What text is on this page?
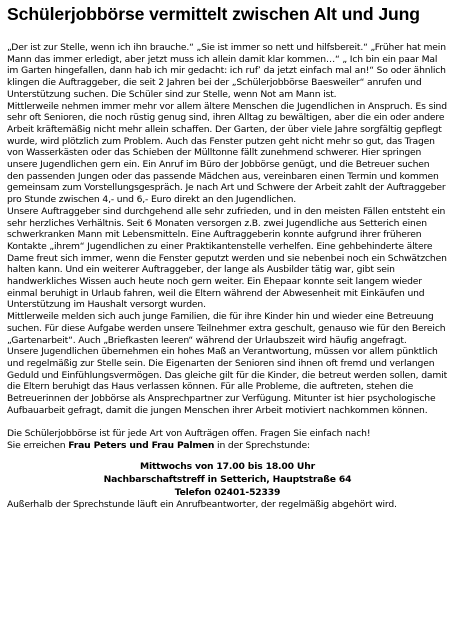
Schülerjobbörse vermittelt zwischen Alt und Jung

„Der ist zur Stelle, wenn ich ihn brauche.“ „Sie ist immer so nett und hilfsbereit.“ „Früher hat mein Mann das immer erledigt, aber jetzt muss ich allein damit klar kommen…“ „ Ich bin ein paar Mal im Garten hingefallen, dann hab ich mir gedacht: ich ruf’ da jetzt einfach mal an!“ So oder ähnlich klingen die Auftraggeber, die seit 2 Jahren bei der „Schülerjobbörse Baesweiler“ anrufen und Unterstützung suchen. Die Schüler sind zur Stelle, wenn Not am Mann ist.

Mittlerweile nehmen immer mehr vor allem ältere Menschen die Jugendlichen in Anspruch. Es sind sehr oft Senioren, die noch rüstig genug sind, ihren Alltag zu bewältigen, aber die ein oder andere Arbeit kräftemäßig nicht mehr allein schaffen. Der Garten, der über viele Jahre sorgfältig gepflegt wurde, wird plötzlich zum Problem. Auch das Fenster putzen geht nicht mehr so gut, das Tragen von Wasserkästen oder das Schieben der Mülltonne fällt zunehmend schwerer. Hier springen unsere Jugendlichen gern ein. Ein Anruf im Büro der Jobbörse genügt, und die Betreuer suchen den passenden Jungen oder das passende Mädchen aus, vereinbaren einen Termin und kommen gemeinsam zum Vorstellungsgespräch. Je nach Art und Schwere der Arbeit zahlt der Auftraggeber pro Stunde zwischen 4,- und 6,- Euro direkt an den Jugendlichen.

Unsere Auftraggeber sind durchgehend alle sehr zufrieden, und in den meisten Fällen entsteht ein sehr herzliches Verhältnis. Seit 6 Monaten versorgen z.B. zwei Jugendliche aus Setterich einen schwerkranken Mann mit Lebensmitteln. Eine Auftraggeberin konnte aufgrund ihrer früheren Kontakte „ihrem“ Jugendlichen zu einer Praktikantenstelle verhelfen. Eine gehbehinderte ältere Dame freut sich immer, wenn die Fenster geputzt werden und sie nebenbei noch ein Schwätzchen halten kann. Und ein weiterer Auftraggeber, der lange als Ausbilder tätig war, gibt sein handwerkliches Wissen auch heute noch gern weiter. Ein Ehepaar konnte seit langem wieder einmal beruhigt in Urlaub fahren, weil die Eltern während der Abwesenheit mit Einkäufen und Unterstützung im Haushalt versorgt wurden.

Mittlerweile melden sich auch junge Familien, die für ihre Kinder hin und wieder eine Betreuung suchen. Für diese Aufgabe werden unsere Teilnehmer extra geschult, genauso wie für den Bereich „Gartenarbeit“. Auch „Briefkasten leeren“ während der Urlaubszeit wird häufig angefragt.

Unsere Jugendlichen übernehmen ein hohes Maß an Verantwortung, müssen vor allem pünktlich und regelmäßig zur Stelle sein. Die Eigenarten der Senioren sind ihnen oft fremd und verlangen Geduld und Einfühlungsvermögen. Das gleiche gilt für die Kinder, die betreut werden sollen, damit die Eltern beruhigt das Haus verlassen können. Für alle Probleme, die auftreten, stehen die Betreuerinnen der Jobbörse als Ansprechpartner zur Verfügung. Mitunter ist hier psychologische Aufbauarbeit gefragt, damit die jungen Menschen ihrer Arbeit motiviert nachkommen können.

Die Schülerjobbörse ist für jede Art von Aufträgen offen. Fragen Sie einfach nach!

Sie erreichen Frau Peters und Frau Palmen in der Sprechstunde:

Mittwochs von 17.00 bis 18.00 Uhr
Nachbarschaftstreff in Setterich, Hauptstraße 64
Telefon 02401-52339

Außerhalb der Sprechstunde läuft ein Anrufbeantworter, der regelmäßig abgehört wird.
